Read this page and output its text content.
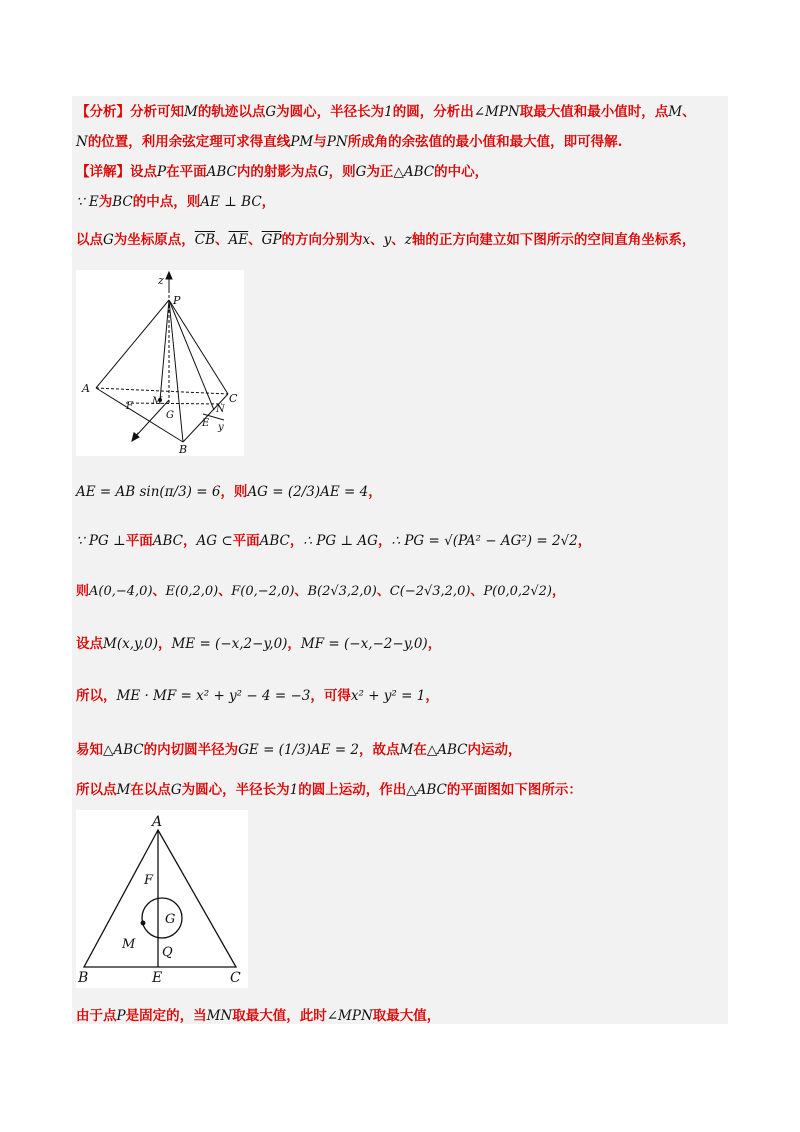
【分析】分析可知M的轨迹以点G为圆心，半径长为1的圆，分析出∠MPN取最大值和最小值时，点M、
N的位置，利用余弦定理可求得直线PM与PN所成角的余弦值的最小值和最大值，即可得解.
【详解】设点P在平面ABC内的射影为点G，则G为正△ABC的中心，
∵ E为BC的中点，则AE ⊥ BC，
以点G为坐标原点，$\overline{CB}$、$\overline{AE}$、$\overline{GP}$的方向分别为x、y、z轴的正方向建立如下图所示的空间直角坐标系，
z
P
A
C
F M
G
N
E y
x
B
AE = AB sin(π/3) = 6，则AG = (2/3)AE = 4，
∵ PG ⊥平面ABC，AG ⊂平面ABC，∴ PG ⊥ AG，∴ PG = √(PA² − AG²) = 2√2，
则A(0,−4,0)、E(0,2,0)、F(0,−2,0)、B(2√3,2,0)、C(−2√3,2,0)、P(0,0,2√2)，
设点M(x,y,0)，ME = (−x,2−y,0)，MF = (−x,−2−y,0)，
所以，ME · MF = x² + y² − 4 = −3，可得x² + y² = 1，
易知△ABC的内切圆半径为GE = (1/3)AE = 2，故点M在△ABC内运动，
所以点M在以点G为圆心，半径长为1的圆上运动，作出△ABC的平面图如下图所示：
A
F
G
M
Q
B	E	C
由于点P是固定的，当MN取最大值，此时∠MPN取最大值，
